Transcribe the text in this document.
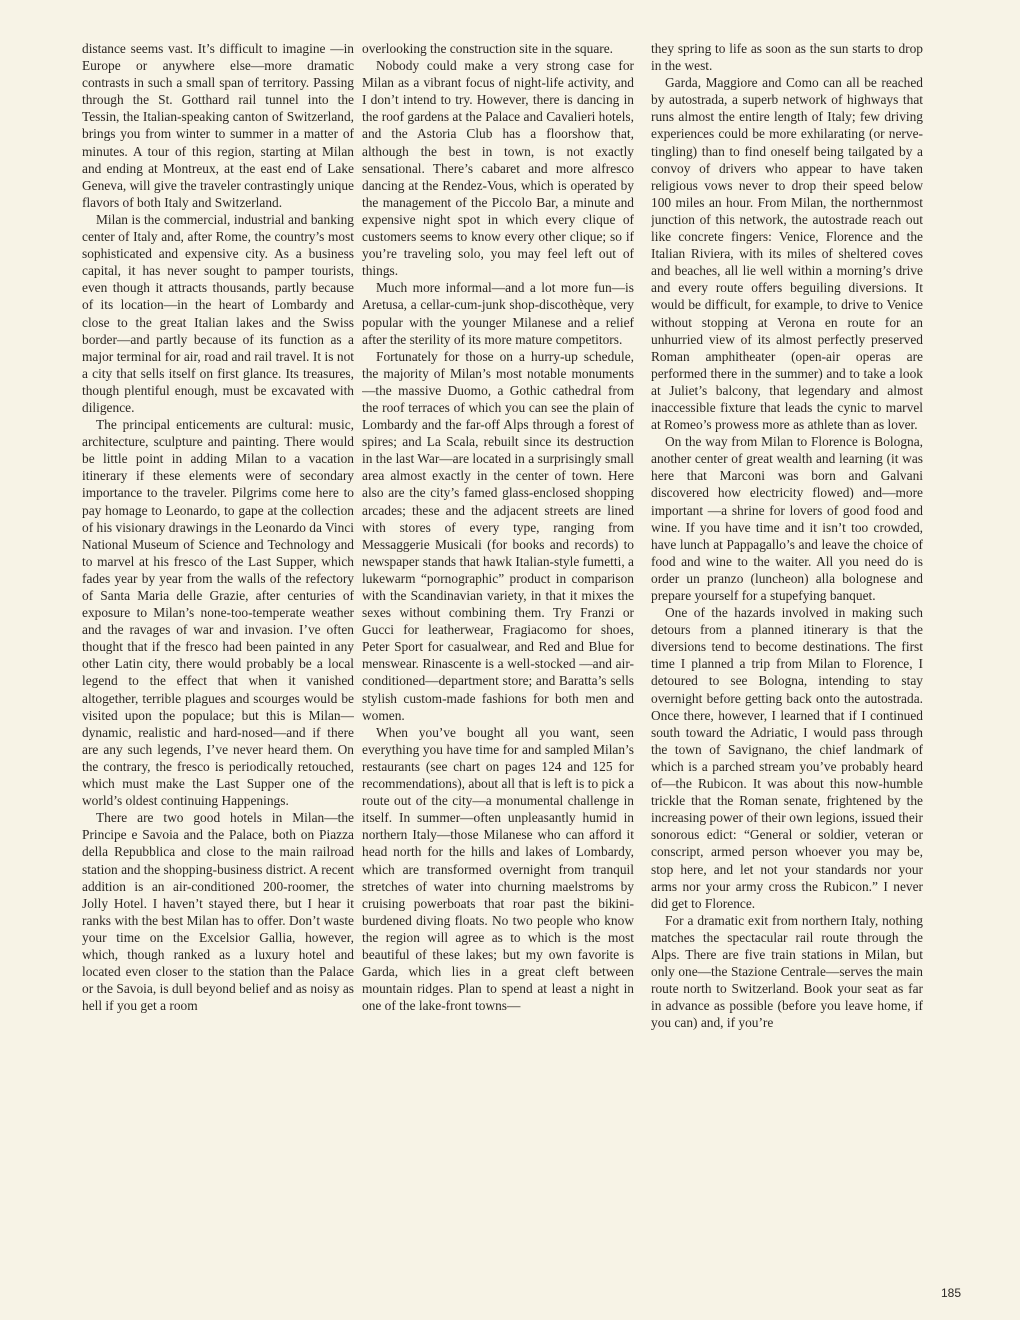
distance seems vast. It’s difficult to imagine —in Europe or anywhere else—more dramatic contrasts in such a small span of territory. Passing through the St. Gotthard rail tunnel into the Tessin, the Italian-speaking canton of Switzerland, brings you from winter to summer in a matter of minutes. A tour of this region, starting at Milan and ending at Montreux, at the east end of Lake Geneva, will give the traveler contrastingly unique flavors of both Italy and Switzerland.

Milan is the commercial, industrial and banking center of Italy and, after Rome, the country’s most sophisticated and expensive city. As a business capital, it has never sought to pamper tourists, even though it attracts thousands, partly because of its location—in the heart of Lombardy and close to the great Italian lakes and the Swiss border—and partly because of its function as a major terminal for air, road and rail travel. It is not a city that sells itself on first glance. Its treasures, though plentiful enough, must be excavated with diligence.

The principal enticements are cultural: music, architecture, sculpture and painting. There would be little point in adding Milan to a vacation itinerary if these elements were of secondary importance to the traveler. Pilgrims come here to pay homage to Leonardo, to gape at the collection of his visionary drawings in the Leonardo da Vinci National Museum of Science and Technology and to marvel at his fresco of the Last Supper, which fades year by year from the walls of the refectory of Santa Maria delle Grazie, after centuries of exposure to Milan’s none-too-temperate weather and the ravages of war and invasion. I’ve often thought that if the fresco had been painted in any other Latin city, there would probably be a local legend to the effect that when it vanished altogether, terrible plagues and scourges would be visited upon the populace; but this is Milan—dynamic, realistic and hard-nosed—and if there are any such legends, I’ve never heard them. On the contrary, the fresco is periodically retouched, which must make the Last Supper one of the world’s oldest continuing Happenings.

There are two good hotels in Milan—the Principe e Savoia and the Palace, both on Piazza della Repubblica and close to the main railroad station and the shopping-business district. A recent addition is an air-conditioned 200-roomer, the Jolly Hotel. I haven’t stayed there, but I hear it ranks with the best Milan has to offer. Don’t waste your time on the Excelsior Gallia, however, which, though ranked as a luxury hotel and located even closer to the station than the Palace or the Savoia, is dull beyond belief and as noisy as hell if you get a room

overlooking the construction site in the square.

Nobody could make a very strong case for Milan as a vibrant focus of night-life activity, and I don’t intend to try. However, there is dancing in the roof gardens at the Palace and Cavalieri hotels, and the Astoria Club has a floorshow that, although the best in town, is not exactly sensational. There’s cabaret and more alfresco dancing at the Rendez-Vous, which is operated by the management of the Piccolo Bar, a minute and expensive night spot in which every clique of customers seems to know every other clique; so if you’re traveling solo, you may feel left out of things.

Much more informal—and a lot more fun—is Aretusa, a cellar-cum-junk shop-discothèque, very popular with the younger Milanese and a relief after the sterility of its more mature competitors.

Fortunately for those on a hurry-up schedule, the majority of Milan’s most notable monuments—the massive Duomo, a Gothic cathedral from the roof terraces of which you can see the plain of Lombardy and the far-off Alps through a forest of spires; and La Scala, rebuilt since its destruction in the last War—are located in a surprisingly small area almost exactly in the center of town. Here also are the city’s famed glass-enclosed shopping arcades; these and the adjacent streets are lined with stores of every type, ranging from Messaggerie Musicali (for books and records) to newspaper stands that hawk Italian-style fumetti, a lukewarm “pornographic” product in comparison with the Scandinavian variety, in that it mixes the sexes without combining them. Try Franzi or Gucci for leatherwear, Fragiacomo for shoes, Peter Sport for casualwear, and Red and Blue for menswear. Rinascente is a well-stocked —and air-conditioned—department store; and Baratta’s sells stylish custom-made fashions for both men and women.

When you’ve bought all you want, seen everything you have time for and sampled Milan’s restaurants (see chart on pages 124 and 125 for recommendations), about all that is left is to pick a route out of the city—a monumental challenge in itself. In summer—often unpleasantly humid in northern Italy—those Milanese who can afford it head north for the hills and lakes of Lombardy, which are transformed overnight from tranquil stretches of water into churning maelstroms by cruising powerboats that roar past the bikini-burdened diving floats. No two people who know the region will agree as to which is the most beautiful of these lakes; but my own favorite is Garda, which lies in a great cleft between mountain ridges. Plan to spend at least a night in one of the lake-front towns—

they spring to life as soon as the sun starts to drop in the west.

Garda, Maggiore and Como can all be reached by autostrada, a superb network of highways that runs almost the entire length of Italy; few driving experiences could be more exhilarating (or nerve-tingling) than to find oneself being tailgated by a convoy of drivers who appear to have taken religious vows never to drop their speed below 100 miles an hour. From Milan, the northernmost junction of this network, the autostrade reach out like concrete fingers: Venice, Florence and the Italian Riviera, with its miles of sheltered coves and beaches, all lie well within a morning’s drive and every route offers beguiling diversions. It would be difficult, for example, to drive to Venice without stopping at Verona en route for an unhurried view of its almost perfectly preserved Roman amphitheater (open-air operas are performed there in the summer) and to take a look at Juliet’s balcony, that legendary and almost inaccessible fixture that leads the cynic to marvel at Romeo’s prowess more as athlete than as lover.

On the way from Milan to Florence is Bologna, another center of great wealth and learning (it was here that Marconi was born and Galvani discovered how electricity flowed) and—more important —a shrine for lovers of good food and wine. If you have time and it isn’t too crowded, have lunch at Pappagallo’s and leave the choice of food and wine to the waiter. All you need do is order un pranzo (luncheon) alla bolognese and prepare yourself for a stupefying banquet.

One of the hazards involved in making such detours from a planned itinerary is that the diversions tend to become destinations. The first time I planned a trip from Milan to Florence, I detoured to see Bologna, intending to stay overnight before getting back onto the autostrada. Once there, however, I learned that if I continued south toward the Adriatic, I would pass through the town of Savignano, the chief landmark of which is a parched stream you’ve probably heard of—the Rubicon. It was about this now-humble trickle that the Roman senate, frightened by the increasing power of their own legions, issued their sonorous edict: “General or soldier, veteran or conscript, armed person whoever you may be, stop here, and let not your standards nor your arms nor your army cross the Rubicon.” I never did get to Florence.

For a dramatic exit from northern Italy, nothing matches the spectacular rail route through the Alps. There are five train stations in Milan, but only one—the Stazione Centrale—serves the main route north to Switzerland. Book your seat as far in advance as possible (before you leave home, if you can) and, if you’re

185
